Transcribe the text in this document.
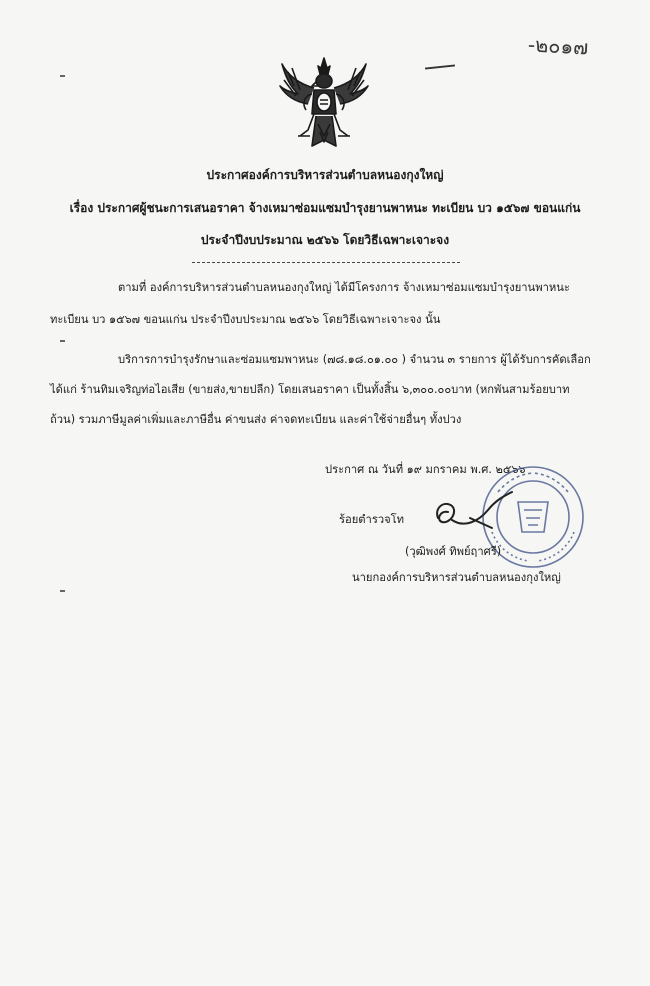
-๒๐๑๗
ประกาศองค์การบริหารส่วนตำบลหนองกุงใหญ่
เรื่อง ประกาศผู้ชนะการเสนอราคา จ้างเหมาซ่อมแซมบำรุงยานพาหนะ ทะเบียน บว ๑๕๖๗ ขอนแก่น
ประจำปีงบประมาณ ๒๕๖๖ โดยวิธีเฉพาะเจาะจง
ตามที่ องค์การบริหารส่วนตำบลหนองกุงใหญ่ ได้มีโครงการ จ้างเหมาซ่อมแซมบำรุงยานพาหนะ
ทะเบียน บว ๑๕๖๗ ขอนแก่น ประจำปีงบประมาณ ๒๕๖๖ โดยวิธีเฉพาะเจาะจง นั้น
บริการการบำรุงรักษาและซ่อมแซมพาหนะ (๗๘.๑๘.๐๑.๐๐ ) จำนวน ๓ รายการ ผู้ได้รับการคัดเลือก
ได้แก่ ร้านทิมเจริญท่อไอเสีย (ขายส่ง,ขายปลีก) โดยเสนอราคา เป็นทั้งสิ้น ๖,๓๐๐.๐๐บาท (หกพันสามร้อยบาท
ถ้วน) รวมภาษีมูลค่าเพิ่มและภาษีอื่น ค่าขนส่ง ค่าจดทะเบียน และค่าใช้จ่ายอื่นๆ ทั้งปวง
ประกาศ ณ วันที่ ๑๙ มกราคม พ.ศ. ๒๕๖๖
ร้อยตำรวจโท
(วุฒิพงศ์ ทิพย์ฤาศรี)
นายกองค์การบริหารส่วนตำบลหนองกุงใหญ่
